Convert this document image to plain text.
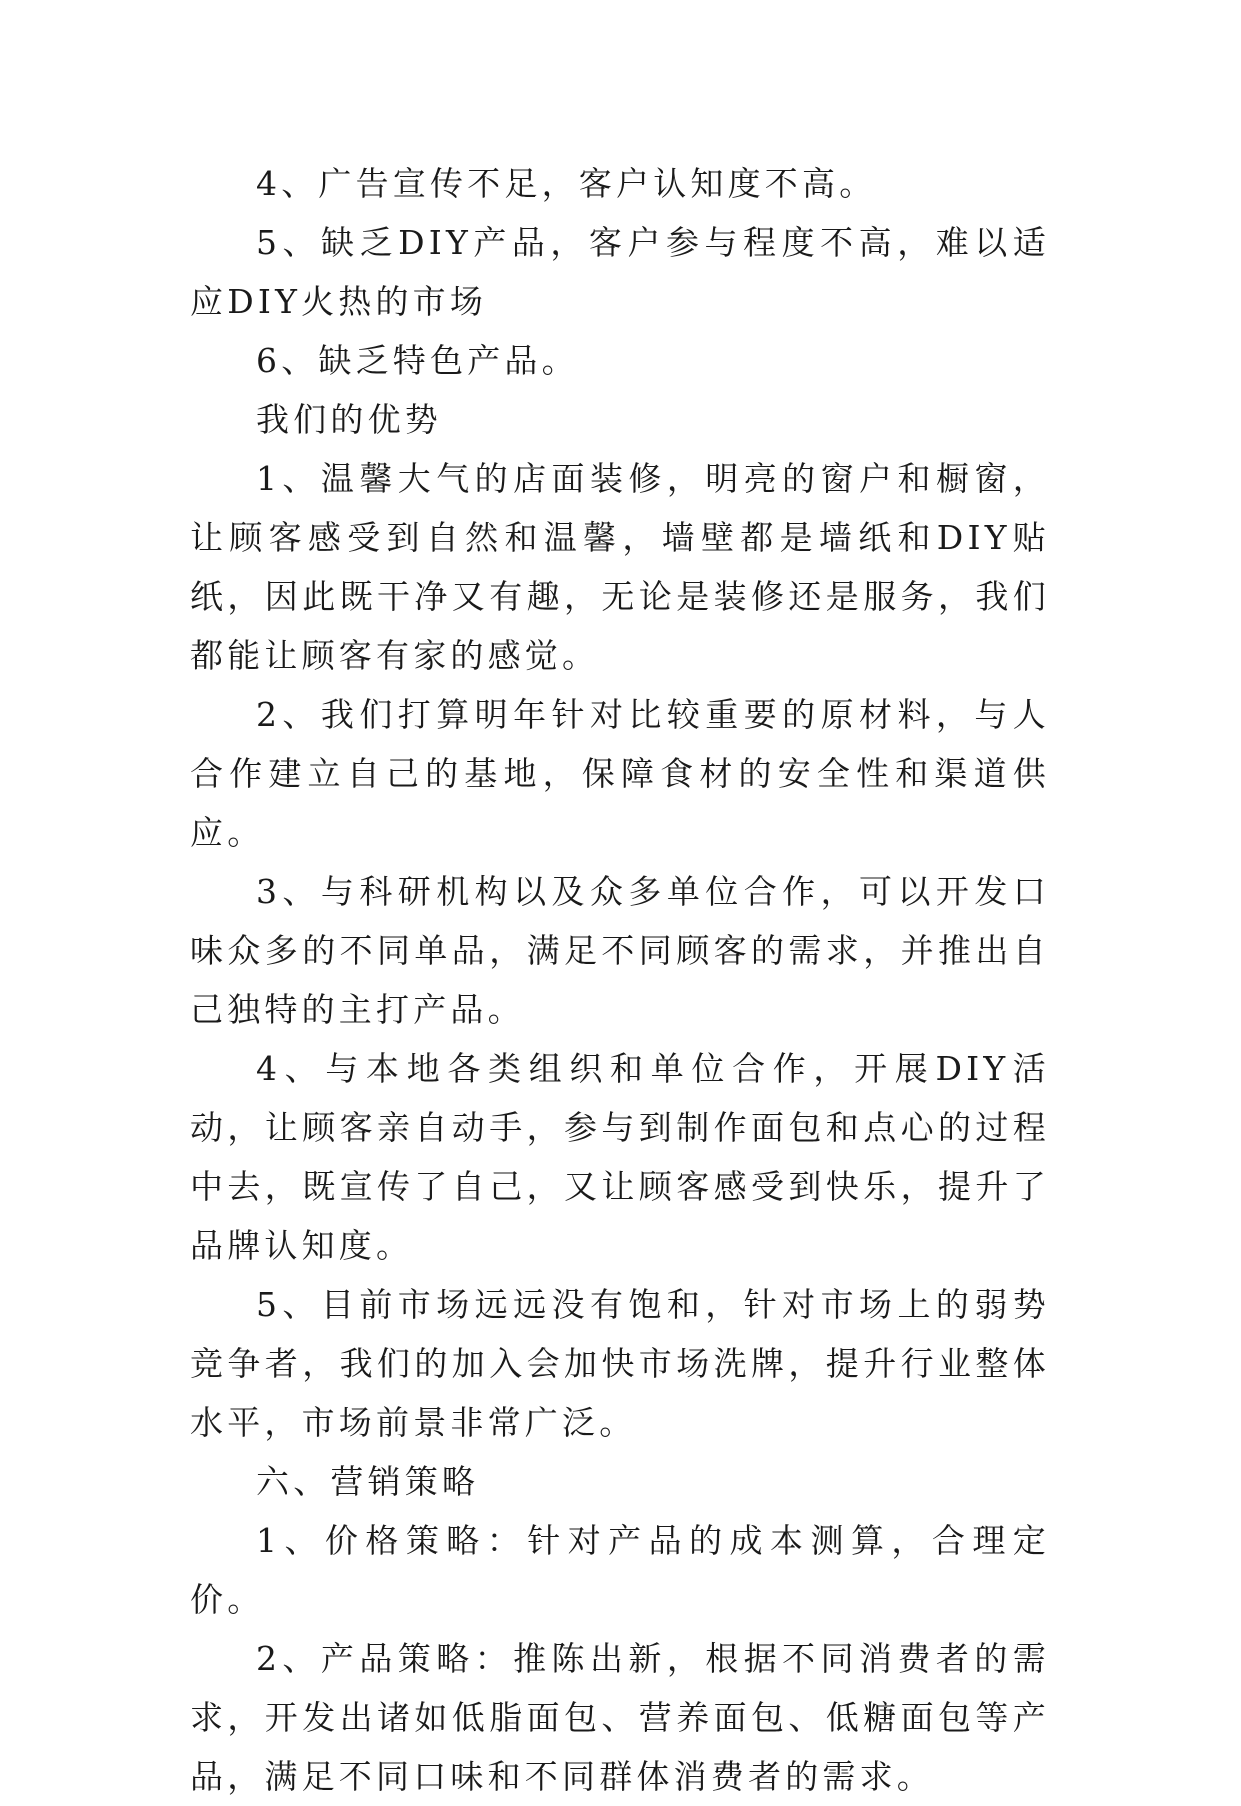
4、广告宣传不足，客户认知度不高。

5、缺乏DIY产品，客户参与程度不高，难以适应DIY火热的市场

6、缺乏特色产品。

我们的优势

1、温馨大气的店面装修，明亮的窗户和橱窗，让顾客感受到自然和温馨，墙壁都是墙纸和DIY贴纸，因此既干净又有趣，无论是装修还是服务，我们都能让顾客有家的感觉。

2、我们打算明年针对比较重要的原材料，与人合作建立自己的基地，保障食材的安全性和渠道供应。

3、与科研机构以及众多单位合作，可以开发口味众多的不同单品，满足不同顾客的需求，并推出自己独特的主打产品。

4、与本地各类组织和单位合作，开展DIY活动，让顾客亲自动手，参与到制作面包和点心的过程中去，既宣传了自己，又让顾客感受到快乐，提升了品牌认知度。

5、目前市场远远没有饱和，针对市场上的弱势竞争者，我们的加入会加快市场洗牌，提升行业整体水平，市场前景非常广泛。

六、营销策略

1、价格策略：针对产品的成本测算，合理定价。

2、产品策略：推陈出新，根据不同消费者的需求，开发出诸如低脂面包、营养面包、低糖面包等产品，满足不同口味和不同群体消费者的需求。
